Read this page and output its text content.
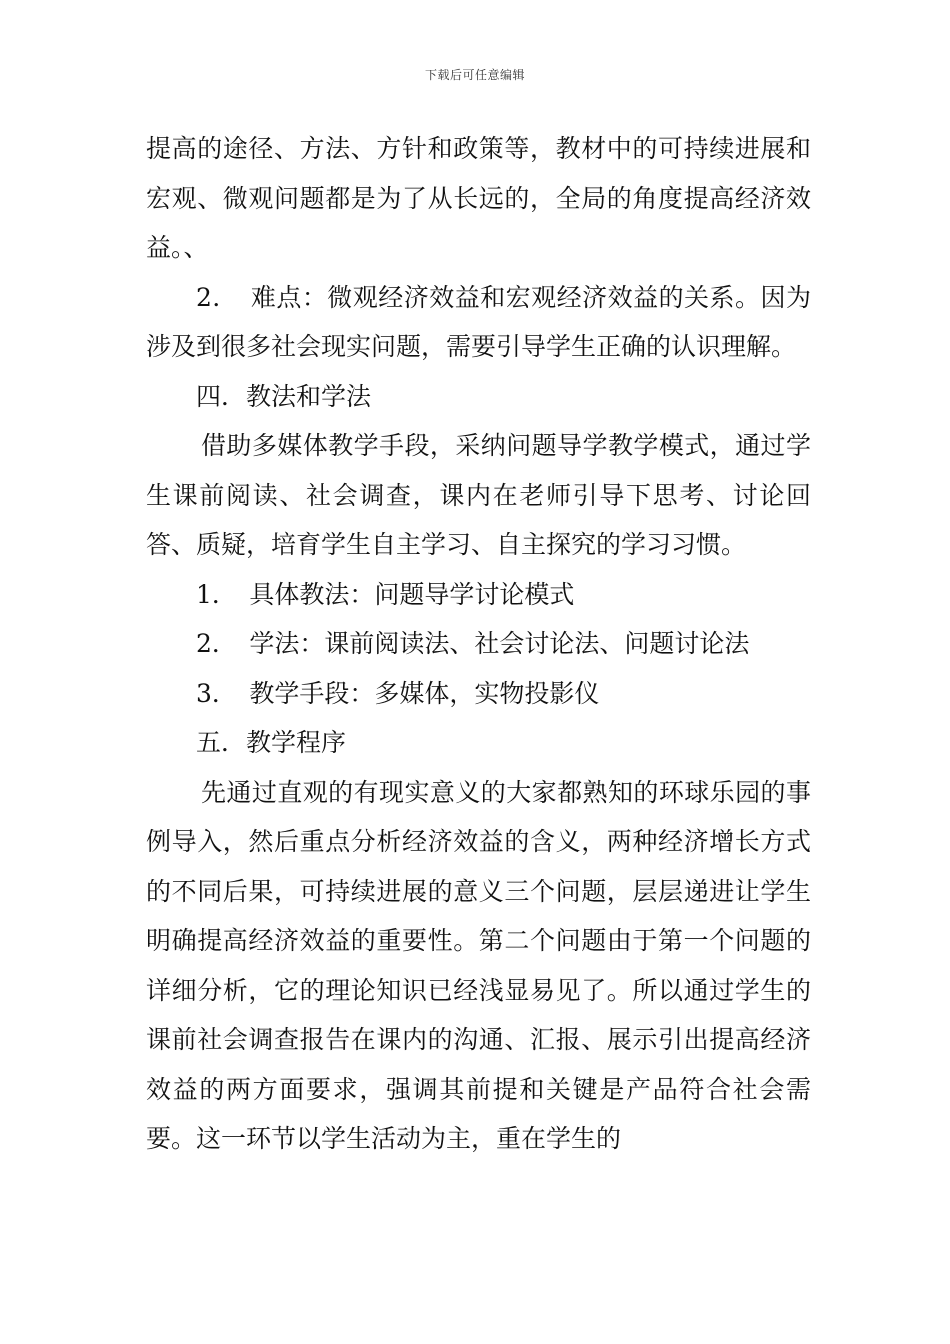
下载后可任意编辑

提高的途径、方法、方针和政策等，教材中的可持续进展和宏观、微观问题都是为了从长远的，全局的角度提高经济效益。、

2．　难点：微观经济效益和宏观经济效益的关系。因为涉及到很多社会现实问题，需要引导学生正确的认识理解。

四．教法和学法

借助多媒体教学手段，采纳问题导学教学模式，通过学生课前阅读、社会调查，课内在老师引导下思考、讨论回答、质疑，培育学生自主学习、自主探究的学习习惯。

1．　具体教法：问题导学讨论模式

2．　学法：课前阅读法、社会讨论法、问题讨论法

3．　教学手段：多媒体，实物投影仪

五．教学程序

先通过直观的有现实意义的大家都熟知的环球乐园的事例导入，然后重点分析经济效益的含义，两种经济增长方式的不同后果，可持续进展的意义三个问题，层层递进让学生明确提高经济效益的重要性。第二个问题由于第一个问题的详细分析，它的理论知识已经浅显易见了。所以通过学生的课前社会调查报告在课内的沟通、汇报、展示引出提高经济效益的两方面要求，强调其前提和关键是产品符合社会需要。这一环节以学生活动为主，重在学生的
